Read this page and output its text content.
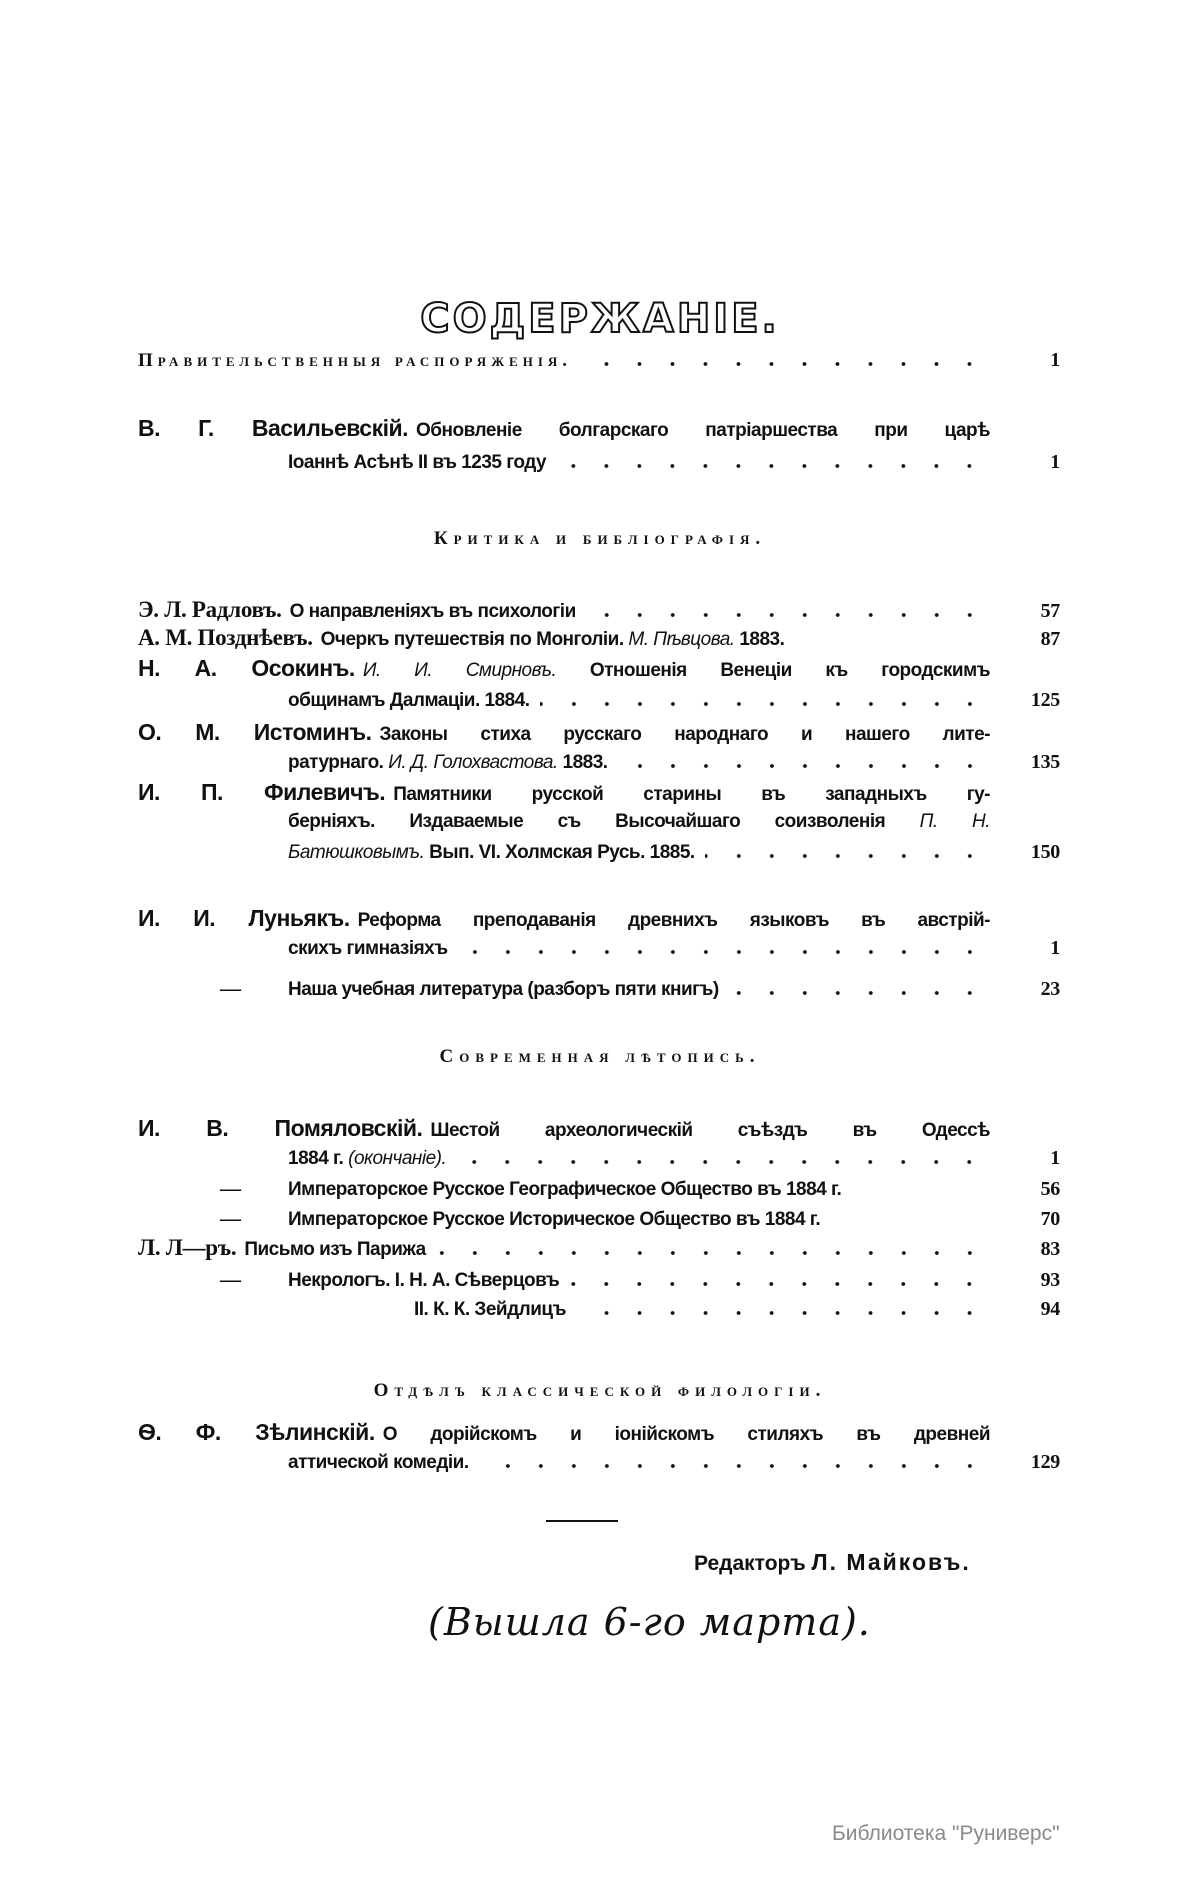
СОДЕРЖАНІЕ.
Правительственныя распоряженія.	1
В. Г. Васильевскій. Обновленіе болгарскаго патріаршества при царѣ
Іоаннѣ Асѣнѣ II въ 1235 году	1
Критика и библіографія.
Э. Л. Радловъ. О направленіяхъ въ психологіи	57
А. М. Позднѣевъ. Очеркъ путешествія по Монголіи. М. Пѣвцова. 1883.	87
Н. А. Осокинъ. И. И. Смирновъ. Отношенія Венеціи къ городскимъ
общинамъ Далмаціи. 1884.	125
О. М. Истоминъ. Законы стиха русскаго народнаго и нашего лите-
ратурнаго. И. Д. Голохвастова. 1883.	135
И. П. Филевичъ. Памятники русской старины въ западныхъ гу-
берніяхъ. Издаваемые съ Высочайшаго соизволенія П. Н.
Батюшковымъ. Вып. VI. Холмская Русь. 1885.	150
И. И. Луньякъ. Реформа преподаванія древнихъ языковъ въ австрій-
скихъ гимназіяхъ	1
—	Наша учебная литература (разборъ пяти книгъ)	23
Современная лѣтопись.
И. В. Помяловскій. Шестой археологическій съѣздъ въ Одессѣ
1884 г. (окончаніе).	1
—	Императорское Русское Географическое Общество въ 1884 г.	56
—	Императорское Русское Историческое Общество въ 1884 г.	70
Л. Л—ръ. Письмо изъ Парижа	83
—	Некрологъ. І. Н. А. Сѣверцовъ	93
II. К. К. Зейдлицъ	94
Отдѣлъ классической филологіи.
Ѳ. Ф. Зѣлинскій. О дорійскомъ и іонійскомъ стиляхъ въ древней
аттической комедіи.	129
Редакторъ Л. Майковъ.
(Вышла 6-го марта).
Библиотека "Руниверс"
